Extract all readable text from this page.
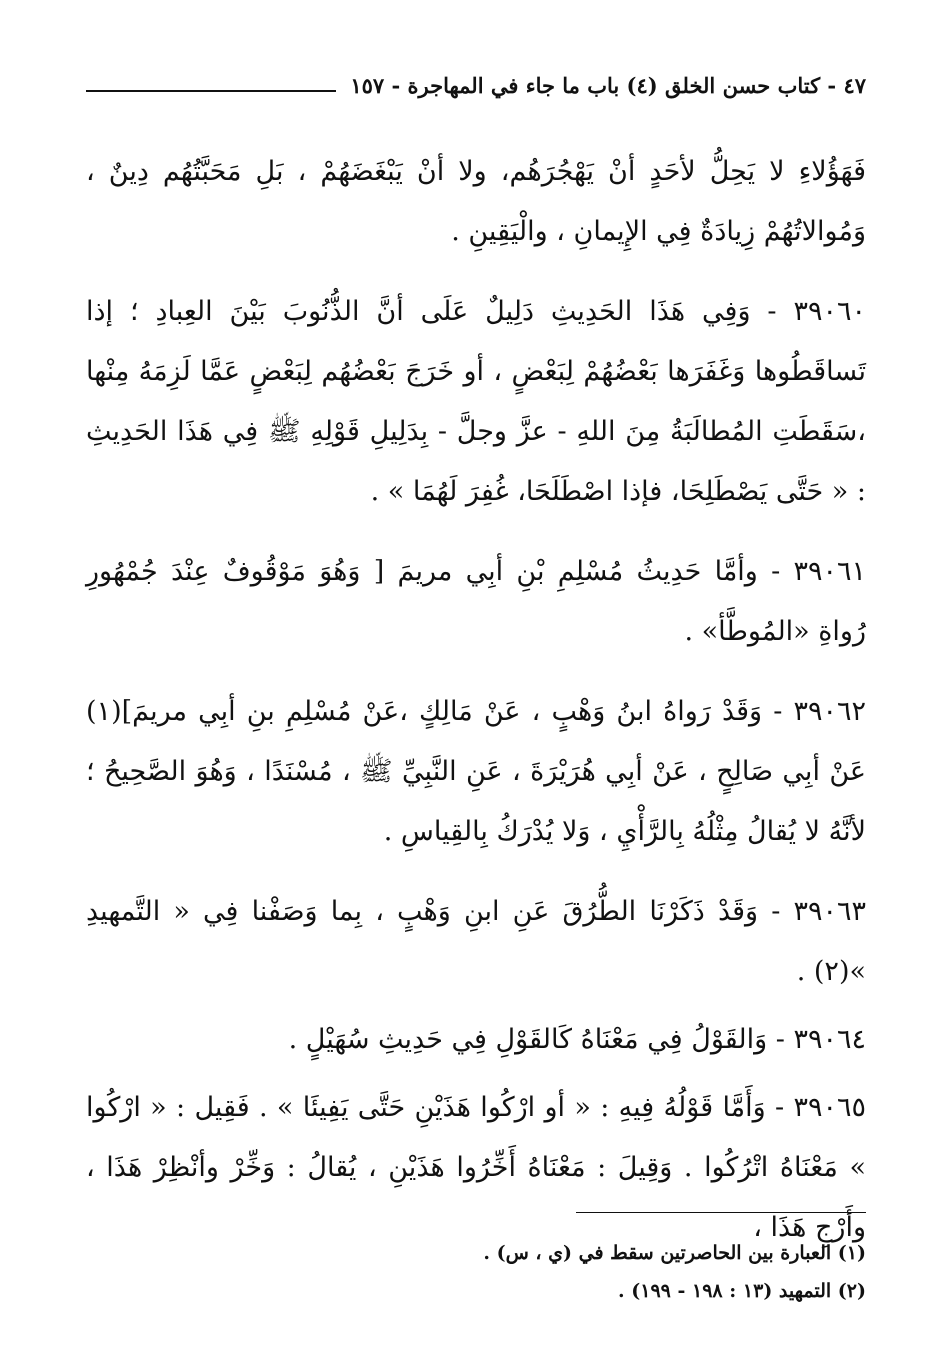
٤٧ - كتاب حسن الخلق (٤) باب ما جاء في المهاجرة - ١٥٧

فَهَؤُلاءِ لا يَحِلُّ لأحَدٍ أنْ يَهْجُرَهُم، ولا أنْ يَبْغَضَهُمْ ، بَلِ مَحَبَّتُهُم دِينٌ ، وَمُوالاتُهُمْ زِيادَةٌ فِي الإِيمانِ ، والْيَقِينِ .

٣٩٠٦٠ - وَفِي هَذَا الحَدِيثِ دَلِيلٌ عَلَى أنَّ الذُّنُوبَ بَيْنَ العِبادِ ؛ إذا تَساقَطُوها وَغَفَرَها بَعْضُهُمْ لِبَعْضٍ ، أو خَرَجَ بَعْضُهُم لِبَعْضٍ عَمَّا لَزِمَهُ مِنْها ،سَقَطَتِ المُطالَبَةُ مِنَ اللهِ - عزَّ وجلَّ - بِدَلِيلِ قَوْلِهِ ﷺ فِي هَذَا الحَدِيثِ : « حَتَّى يَصْطَلِحَا، فإذا اصْطَلَحَا، غُفِرَ لَهُمَا » .

٣٩٠٦١ - وأمَّا حَدِيثُ مُسْلِمِ بْنِ أبِي مريمَ [ وَهُوَ مَوْقُوفٌ عِنْدَ جُمْهُورِ رُواةِ «المُوطَّأ» .

٣٩٠٦٢ - وَقَدْ رَواهُ ابنُ وَهْبٍ ، عَنْ مَالِكٍ ،عَنْ مُسْلِمِ بنِ أبِي مريمَ](١) عَنْ أبِي صَالِحٍ ، عَنْ أبِي هُرَيْرَةَ ، عَنِ النَّبِيِّ ﷺ ، مُسْنَدًا ، وَهُوَ الصَّحِيحُ ؛ لأنَّهُ لا يُقالُ مِثْلُهُ بِالرَّأْيِ ، وَلا يُدْرَكُ بِالقِياسِ .

٣٩٠٦٣ - وَقَدْ ذَكَرْنَا الطُّرُقَ عَنِ ابنِ وَهْبٍ ، بِما وَصَفْنا فِي « التَّمهيدِ »(٢) .

٣٩٠٦٤ - وَالقَوْلُ فِي مَعْنَاهُ كَالقَوْلِ فِي حَدِيثِ سُهَيْلٍ .

٣٩٠٦٥ - وَأَمَّا قَوْلُهُ فِيهِ : « أو ارْكُوا هَذَيْنِ حَتَّى يَفِيئَا » . فَقِيل : « ارْكُوا » مَعْنَاهُ اتْرُكُوا . وَقِيلَ : مَعْنَاهُ أَخِّرُوا هَذَيْنِ ، يُقالُ : وَخِّرْ وأنْظِرْ هَذَا ، وأَرْجِ هَذَا ،

(١) العبارة بين الحاصرتين سقط في (ي ، س) .
(٢) التمهيد (١٣ : ١٩٨ - ١٩٩) .
